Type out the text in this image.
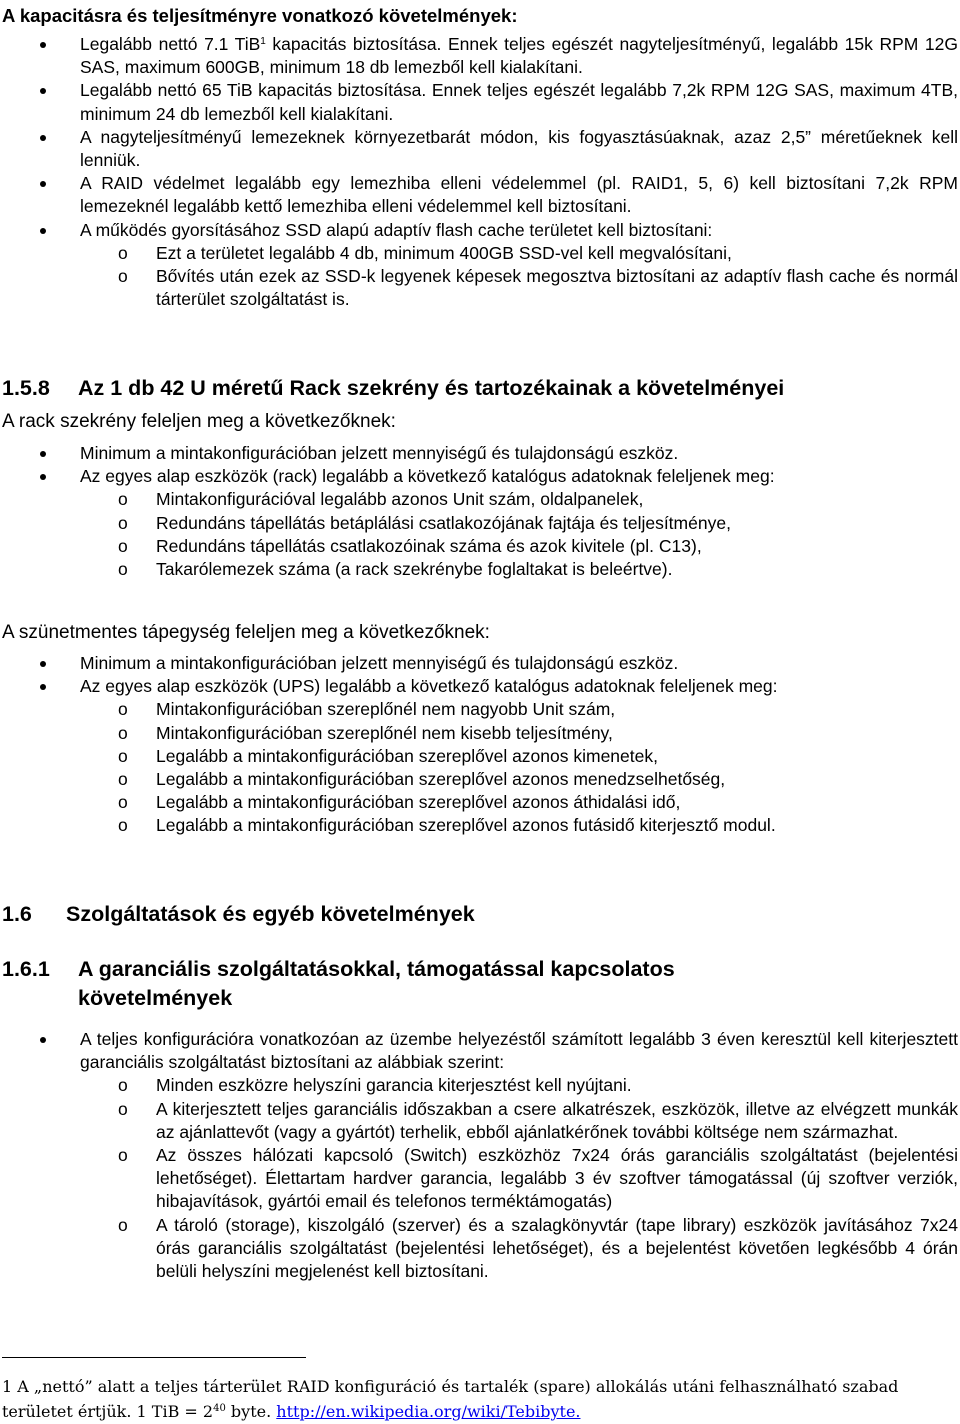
A kapacitásra és teljesítményre vonatkozó követelmények:
Legalább nettó 7.1 TiB$^1$ kapacitás biztosítása. Ennek teljes egészét nagyteljesítményű, legalább 15k RPM 12G SAS, maximum 600GB, minimum 18 db lemezből kell kialakítani.
Legalább nettó 65 TiB kapacitás biztosítása. Ennek teljes egészét legalább 7,2k RPM 12G SAS, maximum 4TB, minimum 24 db lemezből kell kialakítani.
A nagyteljesítményű lemezeknek környezetbarát módon, kis fogyasztásúaknak, azaz 2,5” méretűeknek kell lenniük.
A RAID védelmet legalább egy lemezhiba elleni védelemmel (pl. RAID1, 5, 6) kell biztosítani 7,2k RPM lemezeknél legalább kettő lemezhiba elleni védelemmel kell biztosítani.
A működés gyorsításához SSD alapú adaptív flash cache területet kell biztosítani:
o Ezt a területet legalább 4 db, minimum 400GB SSD-vel kell megvalósítani,
o Bővítés után ezek az SSD-k legyenek képesek megosztva biztosítani az adaptív flash cache és normál tárterület szolgáltatást is.
1.5.8 Az 1 db 42 U méretű Rack szekrény és tartozékainak a követelményei
A rack szekrény feleljen meg a következőknek:
Minimum a mintakonfigurációban jelzett mennyiségű és tulajdonságú eszköz.
Az egyes alap eszközök (rack) legalább a következő katalógus adatoknak feleljenek meg:
o Mintakonfigurációval legalább azonos Unit szám, oldalpanelek,
o Redundáns tápellátás betáplálási csatlakozójának fajtája és teljesítménye,
o Redundáns tápellátás csatlakozóinak száma és azok kivitele (pl. C13),
o Takarólemezek száma (a rack szekrénybe foglaltakat is beleértve).
A szünetmentes tápegység feleljen meg a következőknek:
Minimum a mintakonfigurációban jelzett mennyiségű és tulajdonságú eszköz.
Az egyes alap eszközök (UPS) legalább a következő katalógus adatoknak feleljenek meg:
o Mintakonfigurációban szereplőnél nem nagyobb Unit szám,
o Mintakonfigurációban szereplőnél nem kisebb teljesítmény,
o Legalább a mintakonfigurációban szereplővel azonos kimenetek,
o Legalább a mintakonfigurációban szereplővel azonos menedzselhetőség,
o Legalább a mintakonfigurációban szereplővel azonos áthidalási idő,
o Legalább a mintakonfigurációban szereplővel azonos futásidő kiterjesztő modul.
1.6 Szolgáltatások és egyéb követelmények
1.6.1 A garanciális szolgáltatásokkal, támogatással kapcsolatos
követelmények
A teljes konfigurációra vonatkozóan az üzembe helyezéstől számított legalább 3 éven keresztül kell kiterjesztett garanciális szolgáltatást biztosítani az alábbiak szerint:
o Minden eszközre helyszíni garancia kiterjesztést kell nyújtani.
o A kiterjesztett teljes garanciális időszakban a csere alkatrészek, eszközök, illetve az elvégzett munkák az ajánlattevőt (vagy a gyártót) terhelik, ebből ajánlatkérőnek további költsége nem származhat.
o Az összes hálózati kapcsoló (Switch) eszközhöz 7x24 órás garanciális szolgáltatást (bejelentési lehetőséget). Élettartam hardver garancia, legalább 3 év szoftver támogatással (új szoftver verziók, hibajavítások, gyártói email és telefonos terméktámogatás)
o A tároló (storage), kiszolgáló (szerver) és a szalagkönyvtár (tape library) eszközök javításához 7x24 órás garanciális szolgáltatást (bejelentési lehetőséget), és a bejelentést követően legkésőbb 4 órán belüli helyszíni megjelenést kell biztosítani.
1 A „nettó” alatt a teljes tárterület RAID konfiguráció és tartalék (spare) allokálás utáni felhasználható szabad területet értjük. 1 TiB = $2^{40}$ byte. http://en.wikipedia.org/wiki/Tebibyte.
